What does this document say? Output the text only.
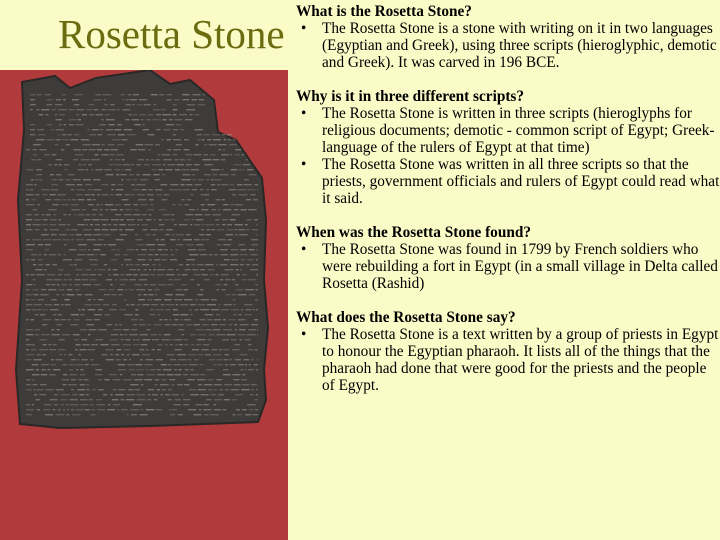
Rosetta Stone What is the Rosetta Stone?
• The Rosetta Stone is a stone with writing on it in two languages (Egyptian and Greek), using three scripts (hieroglyphic, demotic and Greek). It was carved in 196 BCE.
Why is it in three different scripts?
• The Rosetta Stone is written in three scripts (hieroglyphs for religious documents; demotic - common script of Egypt; Greek- language of the rulers of Egypt at that time)
• The Rosetta Stone was written in all three scripts so that the priests, government officials and rulers of Egypt could read what it said.
When was the Rosetta Stone found?
• The Rosetta Stone was found in 1799 by French soldiers who were rebuilding a fort in Egypt (in a small village in Delta called Rosetta (Rashid)
What does the Rosetta Stone say?
• The Rosetta Stone is a text written by a group of priests in Egypt to honour the Egyptian pharaoh. It lists all of the things that the pharaoh had done that were good for the priests and the people of Egypt.
